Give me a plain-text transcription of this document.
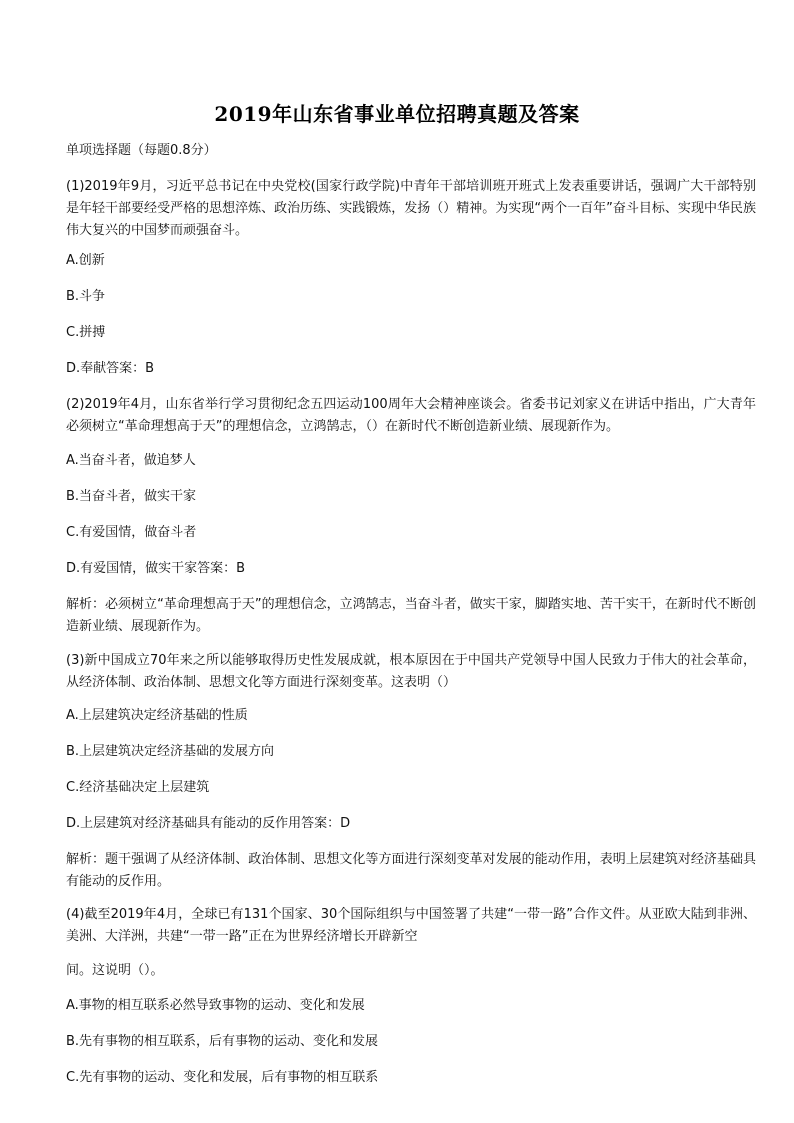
2019年山东省事业单位招聘真题及答案
单项选择题（每题0.8分）
(1)2019年9月，习近平总书记在中央党校(国家行政学院)中青年干部培训班开班式上发表重要讲话，强调广大干部特别是年轻干部要经受严格的思想淬炼、政治历练、实践锻炼，发扬（）精神。为实现“两个一百年”奋斗目标、实现中华民族伟大复兴的中国梦而顽强奋斗。
A.创新
B.斗争
C.拼搏
D.奉献答案：B
(2)2019年4月，山东省举行学习贯彻纪念五四运动100周年大会精神座谈会。省委书记刘家义在讲话中指出，广大青年必须树立“革命理想高于天”的理想信念，立鸿鹄志，（）在新时代不断创造新业绩、展现新作为。
A.当奋斗者，做追梦人
B.当奋斗者，做实干家
C.有爱国情，做奋斗者
D.有爱国情，做实干家答案：B
解析：必须树立“革命理想高于天”的理想信念，立鸿鹄志，当奋斗者，做实干家，脚踏实地、苦干实干，在新时代不断创造新业绩、展现新作为。
(3)新中国成立70年来之所以能够取得历史性发展成就，根本原因在于中国共产党领导中国人民致力于伟大的社会革命，从经济体制、政治体制、思想文化等方面进行深刻变革。这表明（）
A.上层建筑决定经济基础的性质
B.上层建筑决定经济基础的发展方向
C.经济基础决定上层建筑
D.上层建筑对经济基础具有能动的反作用答案：D
解析：题干强调了从经济体制、政治体制、思想文化等方面进行深刻变革对发展的能动作用，表明上层建筑对经济基础具有能动的反作用。
(4)截至2019年4月，全球已有131个国家、30个国际组织与中国签署了共建“一带一路”合作文件。从亚欧大陆到非洲、美洲、大洋洲，共建“一带一路”正在为世界经济增长开辟新空
间。这说明（）。
A.事物的相互联系必然导致事物的运动、变化和发展
B.先有事物的相互联系，后有事物的运动、变化和发展
C.先有事物的运动、变化和发展，后有事物的相互联系
